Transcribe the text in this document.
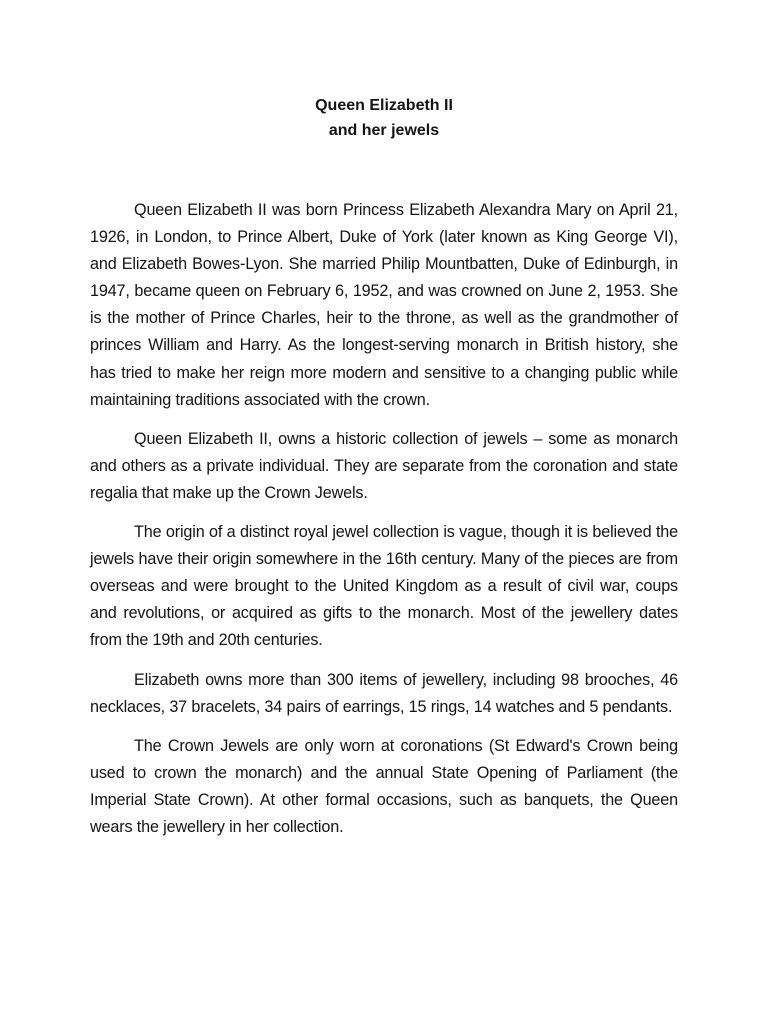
Queen Elizabeth II
and her jewels

Queen Elizabeth II was born Princess Elizabeth Alexandra Mary on April 21, 1926, in London, to Prince Albert, Duke of York (later known as King George VI), and Elizabeth Bowes-Lyon. She married Philip Mountbatten, Duke of Edinburgh, in 1947, became queen on February 6, 1952, and was crowned on June 2, 1953. She is the mother of Prince Charles, heir to the throne, as well as the grandmother of princes William and Harry. As the longest-serving monarch in British history, she has tried to make her reign more modern and sensitive to a changing public while maintaining traditions associated with the crown.

Queen Elizabeth II, owns a historic collection of jewels – some as monarch and others as a private individual. They are separate from the coronation and state regalia that make up the Crown Jewels.

The origin of a distinct royal jewel collection is vague, though it is believed the jewels have their origin somewhere in the 16th century. Many of the pieces are from overseas and were brought to the United Kingdom as a result of civil war, coups and revolutions, or acquired as gifts to the monarch. Most of the jewellery dates from the 19th and 20th centuries.

Elizabeth owns more than 300 items of jewellery, including 98 brooches, 46 necklaces, 37 bracelets, 34 pairs of earrings, 15 rings, 14 watches and 5 pendants.

The Crown Jewels are only worn at coronations (St Edward's Crown being used to crown the monarch) and the annual State Opening of Parliament (the Imperial State Crown). At other formal occasions, such as banquets, the Queen wears the jewellery in her collection.
